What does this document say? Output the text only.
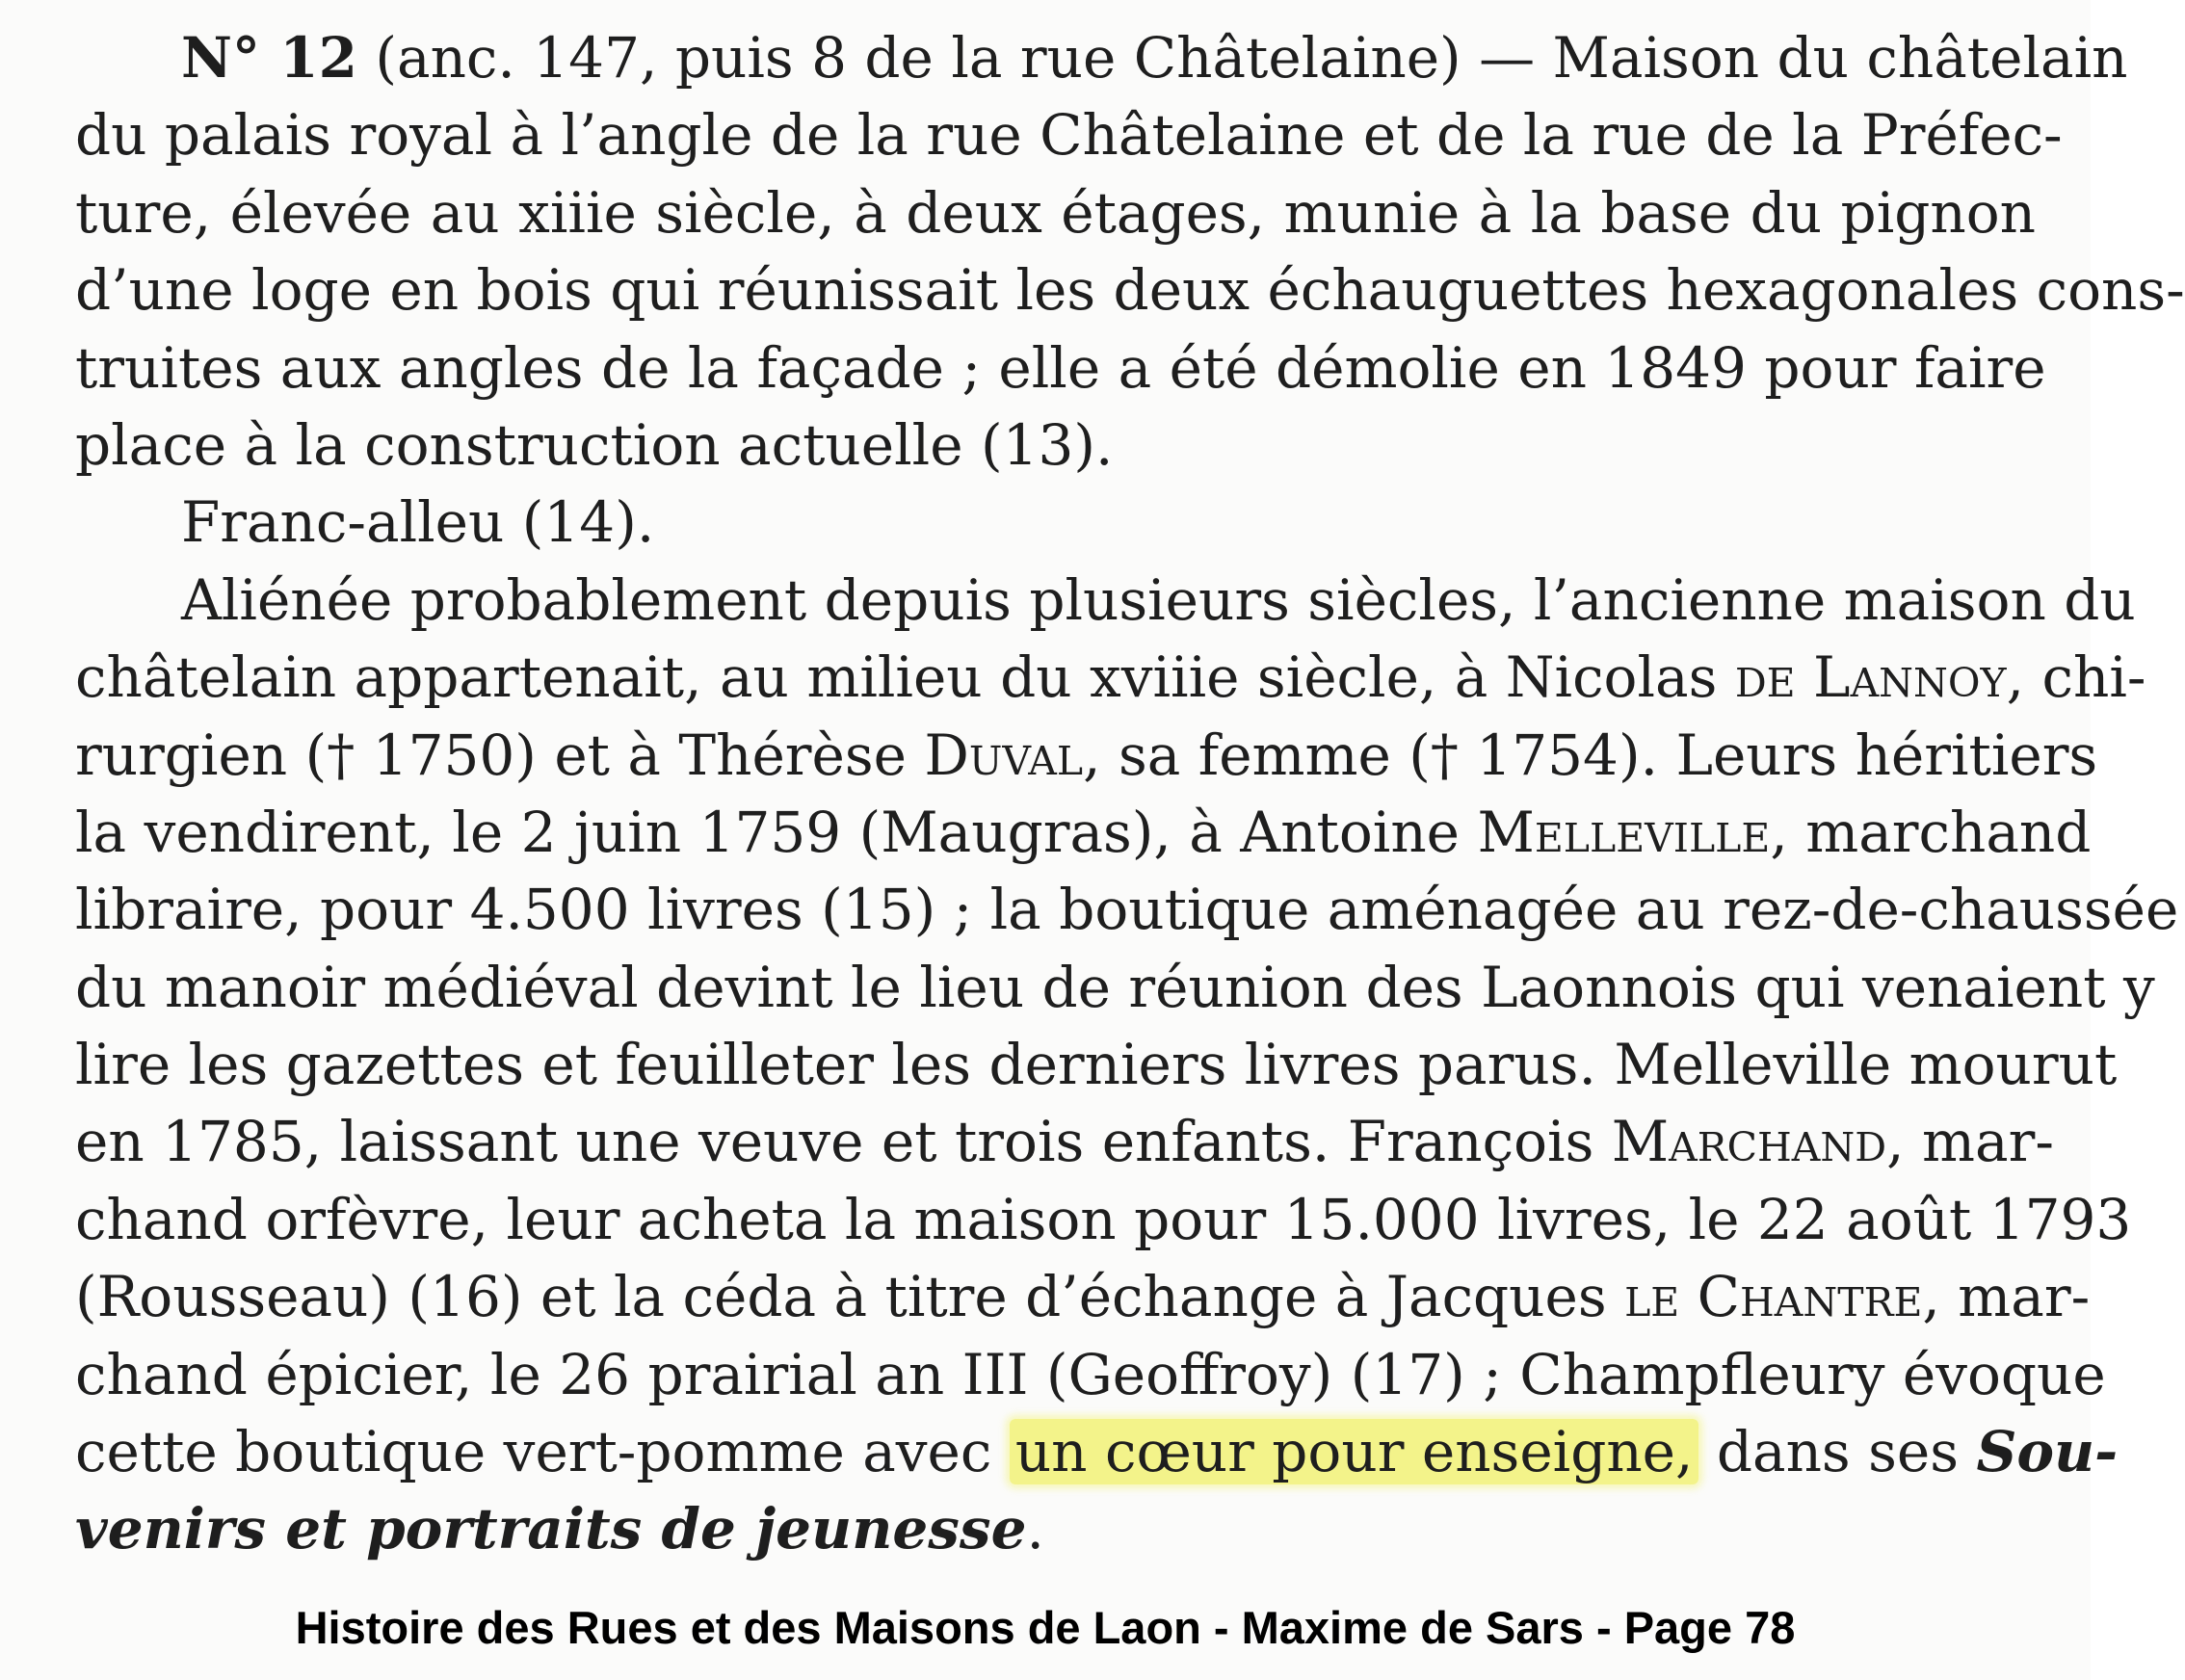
N° 12 (anc. 147, puis 8 de la rue Châtelaine) — Maison du châtelain
du palais royal à l’angle de la rue Châtelaine et de la rue de la Préfec-
ture, élevée au xiiie siècle, à deux étages, munie à la base du pignon
d’une loge en bois qui réunissait les deux échauguettes hexagonales cons-
truites aux angles de la façade ; elle a été démolie en 1849 pour faire
place à la construction actuelle (13).
Franc-alleu (14).
Aliénée probablement depuis plusieurs siècles, l’ancienne maison du
châtelain appartenait, au milieu du xviiie siècle, à Nicolas de Lannoy, chi-
rurgien († 1750) et à Thérèse Duval, sa femme († 1754). Leurs héritiers
la vendirent, le 2 juin 1759 (Maugras), à Antoine Melleville, marchand
libraire, pour 4.500 livres (15) ; la boutique aménagée au rez-de-chaussée
du manoir médiéval devint le lieu de réunion des Laonnois qui venaient y
lire les gazettes et feuilleter les derniers livres parus. Melleville mourut
en 1785, laissant une veuve et trois enfants. François Marchand, mar-
chand orfèvre, leur acheta la maison pour 15.000 livres, le 22 août 1793
(Rousseau) (16) et la céda à titre d’échange à Jacques le Chantre, mar-
chand épicier, le 26 prairial an III (Geoffroy) (17) ; Champfleury évoque
cette boutique vert-pomme avec un cœur pour enseigne, dans ses Sou-
venirs et portraits de jeunesse.
Histoire des Rues et des Maisons de Laon - Maxime de Sars - Page 78
